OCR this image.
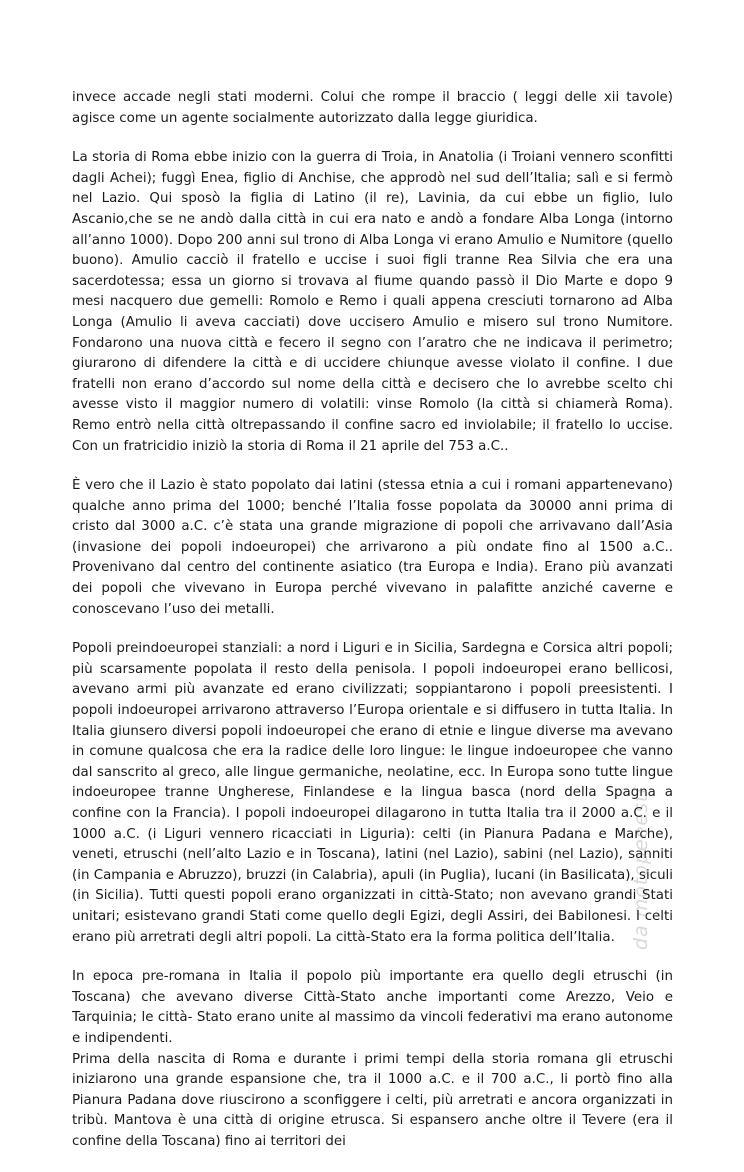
invece accade negli stati moderni. Colui che rompe il braccio ( leggi delle xii tavole) agisce come un agente socialmente autorizzato dalla legge giuridica.

La storia di Roma ebbe inizio con la guerra di Troia, in Anatolia (i Troiani vennero sconfitti dagli Achei); fuggì Enea, figlio di Anchise, che approdò nel sud dell’Italia; salì e si fermò nel Lazio. Qui sposò la figlia di Latino (il re), Lavinia, da cui ebbe un figlio, Iulo Ascanio,che se ne andò dalla città in cui era nato e andò a fondare Alba Longa (intorno all’anno 1000). Dopo 200 anni sul trono di Alba Longa vi erano Amulio e Numitore (quello buono). Amulio cacciò il fratello e uccise i suoi figli tranne Rea Silvia che era una sacerdotessa; essa un giorno si trovava al fiume quando passò il Dio Marte e dopo 9 mesi nacquero due gemelli: Romolo e Remo i quali appena cresciuti tornarono ad Alba Longa (Amulio li aveva cacciati) dove uccisero Amulio e misero sul trono Numitore. Fondarono una nuova città e fecero il segno con l’aratro che ne indicava il perimetro; giurarono di difendere la città e di uccidere chiunque avesse violato il confine. I due fratelli non erano d’accordo sul nome della città e decisero che lo avrebbe scelto chi avesse visto il maggior numero di volatili: vinse Romolo (la città si chiamerà Roma). Remo entrò nella città oltrepassando il confine sacro ed inviolabile; il fratello lo uccise. Con un fratricidio iniziò la storia di Roma il 21 aprile del 753 a.C..

È vero che il Lazio è stato popolato dai latini (stessa etnia a cui i romani appartenevano) qualche anno prima del 1000; benché l’Italia fosse popolata da 30000 anni prima di cristo dal 3000 a.C. c’è stata una grande migrazione di popoli che arrivavano dall’Asia (invasione dei popoli indoeuropei) che arrivarono a più ondate fino al 1500 a.C.. Provenivano dal centro del continente asiatico (tra Europa e India). Erano più avanzati dei popoli che vivevano in Europa perché vivevano in palafitte anziché caverne e conoscevano l’uso dei metalli.

Popoli preindoeuropei stanziali: a nord i Liguri e in Sicilia, Sardegna e Corsica altri popoli; più scarsamente popolata il resto della penisola. I popoli indoeuropei erano bellicosi, avevano armi più avanzate ed erano civilizzati; soppiantarono i popoli preesistenti. I popoli indoeuropei arrivarono attraverso l’Europa orientale e si diffusero in tutta Italia. In Italia giunsero diversi popoli indoeuropei che erano di etnie e lingue diverse ma avevano in comune qualcosa che era la radice delle loro lingue: le lingue indoeuropee che vanno dal sanscrito al greco, alle lingue germaniche, neolatine, ecc. In Europa sono tutte lingue indoeuropee tranne Ungherese, Finlandese e la lingua basca (nord della Spagna a confine con la Francia). I popoli indoeuropei dilagarono in tutta Italia tra il 2000 a.C. e il 1000 a.C. (i Liguri vennero ricacciati in Liguria): celti (in Pianura Padana e Marche), veneti, etruschi (nell’alto Lazio e in Toscana), latini (nel Lazio), sabini (nel Lazio), sanniti (in Campania e Abruzzo), bruzzi (in Calabria), apuli (in Puglia), lucani (in Basilicata), siculi (in Sicilia). Tutti questi popoli erano organizzati in città-Stato; non avevano grandi Stati unitari; esistevano grandi Stati come quello degli Egizi, degli Assiri, dei Babilonesi. I celti erano più arretrati degli altri popoli. La città-Stato era la forma politica dell’Italia.

In epoca pre-romana in Italia il popolo più importante era quello degli etruschi (in Toscana) che avevano diverse Città-Stato anche importanti come Arezzo, Veio e Tarquinia; le città- Stato erano unite al massimo da vincoli federativi ma erano autonome e indipendenti.

Prima della nascita di Roma e durante i primi tempi della storia romana gli etruschi iniziarono una grande espansione che, tra il 1000 a.C. e il 700 a.C., li portò fino alla Pianura Padana dove riuscirono a sconfiggere i celti, più arretrati e ancora organizzati in tribù. Mantova è una città di origine etrusca. Si espansero anche oltre il Tevere (era il confine della Toscana) fino ai territori dei

da motopeeesti
